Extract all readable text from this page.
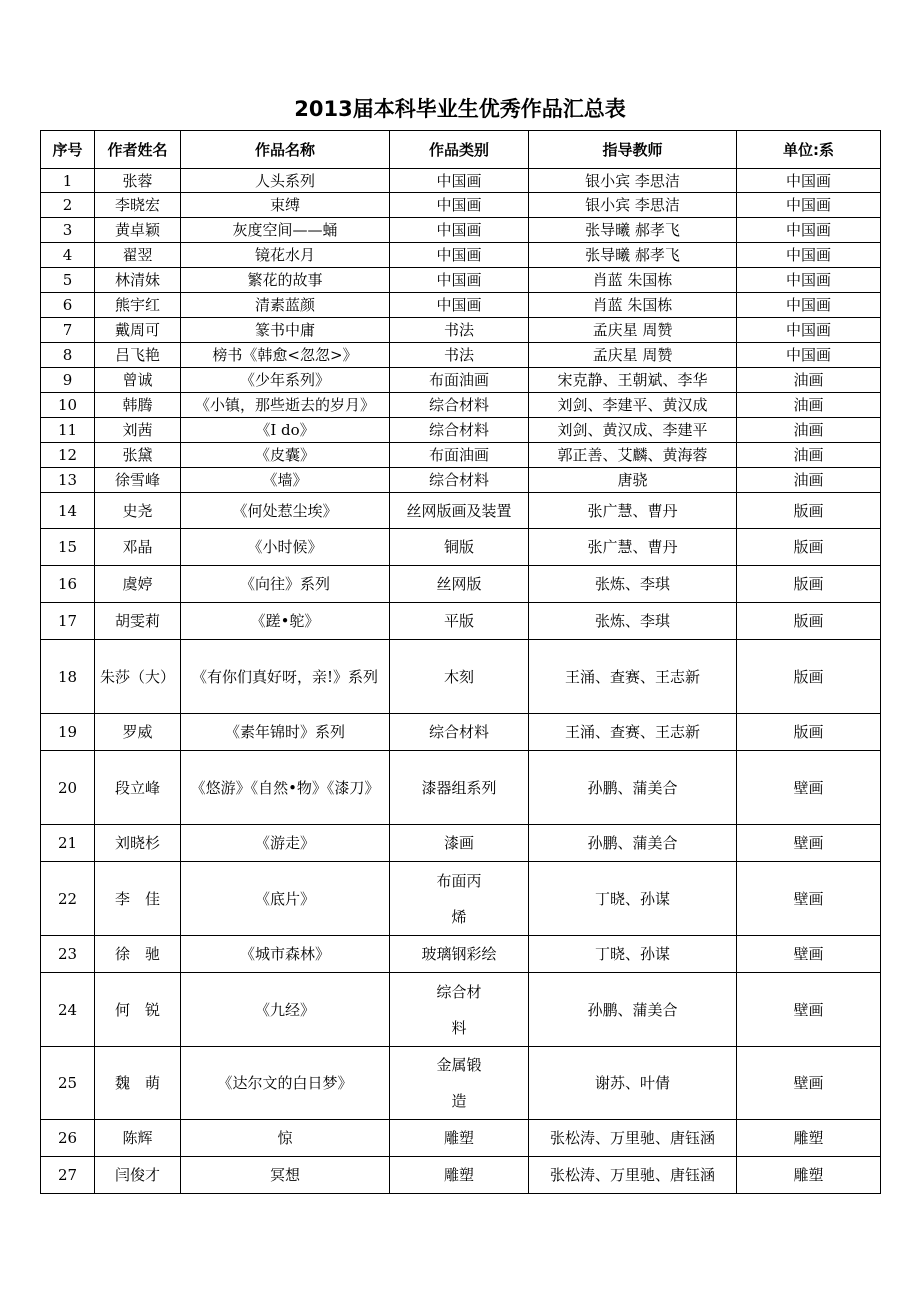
2013届本科毕业生优秀作品汇总表
序号	作者姓名	作品名称	作品类别	指导教师	单位:系
1	张蓉	人头系列	中国画	银小宾 李思洁	中国画
2	李晓宏	束缚	中国画	银小宾 李思洁	中国画
3	黄卓颖	灰度空间——蛹	中国画	张导曦 郝孝飞	中国画
4	翟翌	镜花水月	中国画	张导曦 郝孝飞	中国画
5	林清妹	繁花的故事	中国画	肖蓝 朱国栋	中国画
6	熊宇红	清素蓝颜	中国画	肖蓝 朱国栋	中国画
7	戴周可	篆书中庸	书法	孟庆星 周赞	中国画
8	吕飞艳	榜书《韩愈<忽忽>》	书法	孟庆星 周赞	中国画
9	曾诚	《少年系列》	布面油画	宋克静、王朝斌、李华	油画
10	韩腾	《小镇，那些逝去的岁月》	综合材料	刘剑、李建平、黄汉成	油画
11	刘茜	《I do》	综合材料	刘剑、黄汉成、李建平	油画
12	张黛	《皮囊》	布面油画	郭正善、艾麟、黄海蓉	油画
13	徐雪峰	《墙》	综合材料	唐骁	油画
14	史尧	《何处惹尘埃》	丝网版画及装置	张广慧、曹丹	版画
15	邓晶	《小时候》	铜版	张广慧、曹丹	版画
16	虞婷	《向往》系列	丝网版	张炼、李琪	版画
17	胡雯莉	《蹉•鸵》	平版	张炼、李琪	版画
18	朱莎（大）	《有你们真好呀，亲!》系列	木刻	王涌、查赛、王志新	版画
19	罗威	《素年锦时》系列	综合材料	王涌、查赛、王志新	版画
20	段立峰	《悠游》《自然•物》《漆刀》	漆器组系列	孙鹏、蒲美合	壁画
21	刘晓杉	《游走》	漆画	孙鹏、蒲美合	壁画
22	李　佳	《底片》	布面丙烯	丁晓、孙谋	壁画
23	徐　驰	《城市森林》	玻璃钢彩绘	丁晓、孙谋	壁画
24	何　锐	《九经》	综合材料	孙鹏、蒲美合	壁画
25	魏　萌	《达尔文的白日梦》	金属锻造	谢苏、叶倩	壁画
26	陈辉	惊	雕塑	张松涛、万里驰、唐钰涵	雕塑
27	闫俊才	冥想	雕塑	张松涛、万里驰、唐钰涵	雕塑
